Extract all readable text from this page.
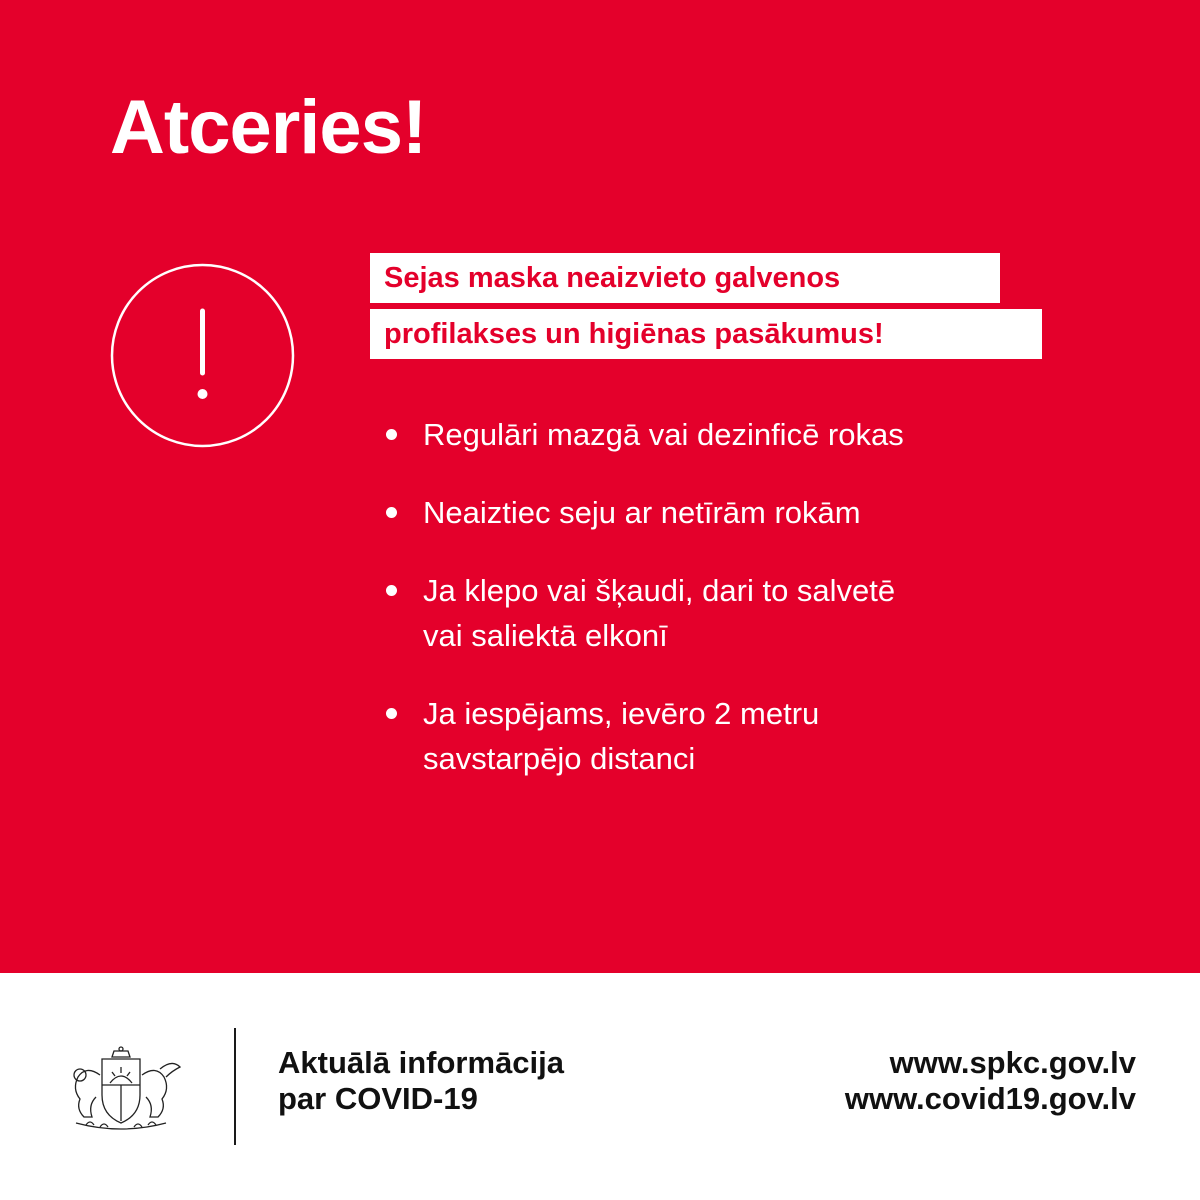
Atceries!
Sejas maska neaizvieto galvenos
profilakses un higiēnas pasākumus!
Regulāri mazgā vai dezinficē rokas
Neaiztiec seju ar netīrām rokām
Ja klepo vai šķaudi, dari to salvetē
vai saliektā elkonī
Ja iespējams, ievēro 2 metru
savstarpējo distanci
Aktuālā informācija
par COVID-19
www.spkc.gov.lv
www.covid19.gov.lv
